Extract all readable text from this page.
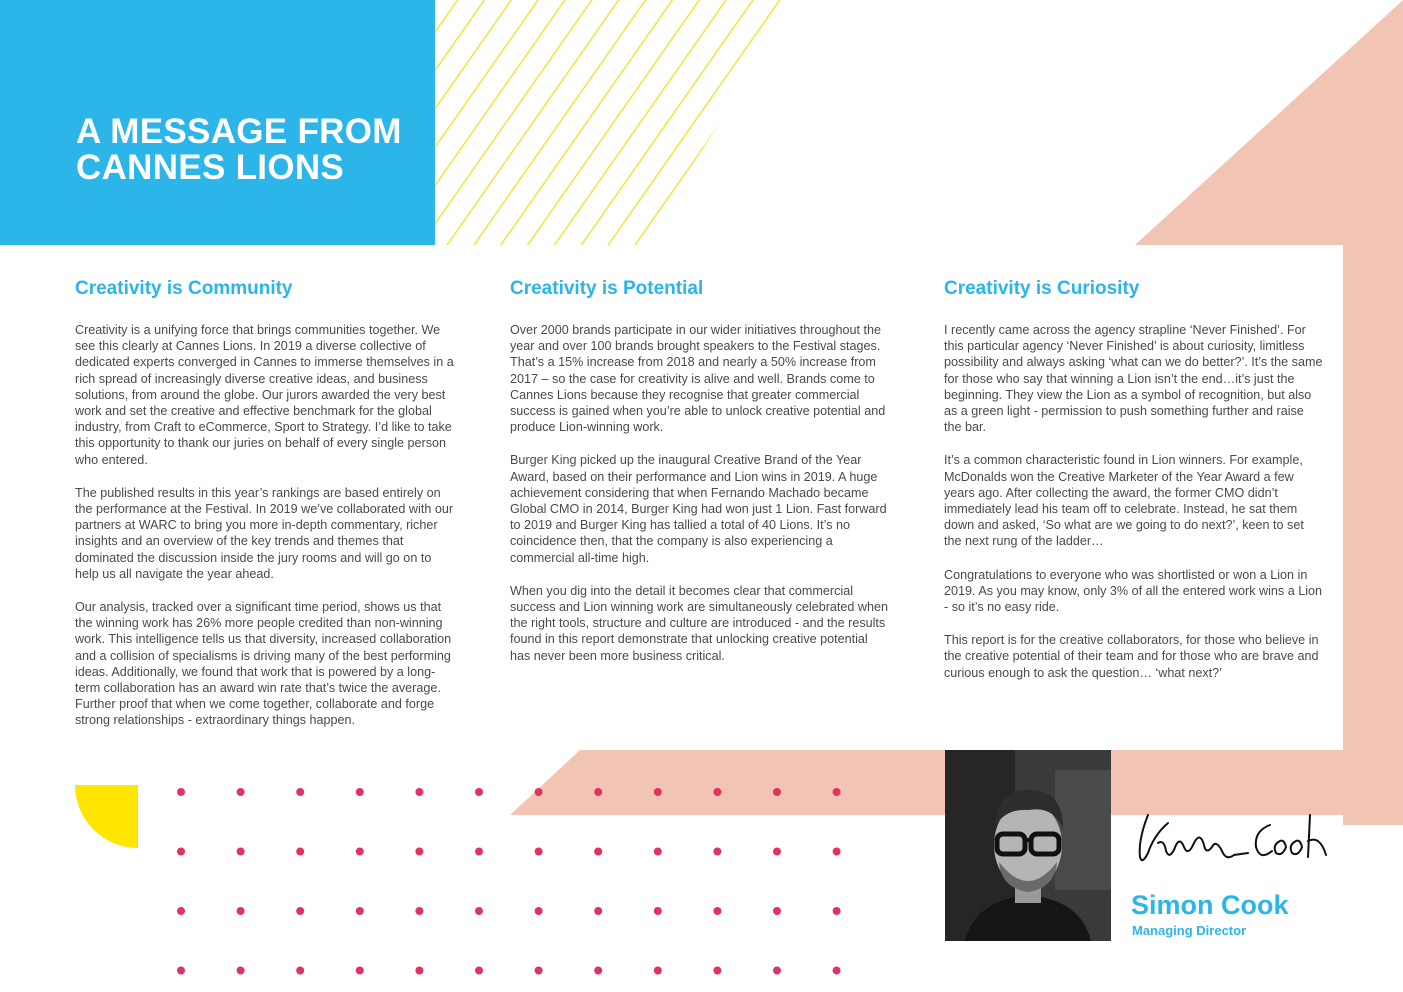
A MESSAGE FROM
CANNES LIONS
Creativity is Community

Creativity is a unifying force that brings communities together. We see this clearly at Cannes Lions. In 2019 a diverse collective of dedicated experts converged in Cannes to immerse themselves in a rich spread of increasingly diverse creative ideas, and business solutions, from around the globe. Our jurors awarded the very best work and set the creative and effective benchmark for the global industry, from Craft to eCommerce, Sport to Strategy. I’d like to take this opportunity to thank our juries on behalf of every single person who entered.

The published results in this year’s rankings are based entirely on the performance at the Festival. In 2019 we’ve collaborated with our partners at WARC to bring you more in-depth commentary, richer insights and an overview of the key trends and themes that dominated the discussion inside the jury rooms and will go on to help us all navigate the year ahead.

Our analysis, tracked over a significant time period, shows us that the winning work has 26% more people credited than non-winning work. This intelligence tells us that diversity, increased collaboration and a collision of specialisms is driving many of the best performing ideas. Additionally, we found that work that is powered by a long-term collaboration has an award win rate that’s twice the average. Further proof that when we come together, collaborate and forge strong relationships - extraordinary things happen.

Creativity is Potential

Over 2000 brands participate in our wider initiatives throughout the year and over 100 brands brought speakers to the Festival stages. That’s a 15% increase from 2018 and nearly a 50% increase from 2017 – so the case for creativity is alive and well. Brands come to Cannes Lions because they recognise that greater commercial success is gained when you’re able to unlock creative potential and produce Lion-winning work.

Burger King picked up the inaugural Creative Brand of the Year Award, based on their performance and Lion wins in 2019. A huge achievement considering that when Fernando Machado became Global CMO in 2014, Burger King had won just 1 Lion. Fast forward to 2019 and Burger King has tallied a total of 40 Lions. It’s no coincidence then, that the company is also experiencing a commercial all-time high.

When you dig into the detail it becomes clear that commercial success and Lion winning work are simultaneously celebrated when the right tools, structure and culture are introduced - and the results found in this report demonstrate that unlocking creative potential has never been more business critical.

Creativity is Curiosity

I recently came across the agency strapline ‘Never Finished’. For this particular agency ‘Never Finished’ is about curiosity, limitless possibility and always asking ‘what can we do better?’. It’s the same for those who say that winning a Lion isn’t the end…it’s just the beginning. They view the Lion as a symbol of recognition, but also as a green light - permission to push something further and raise the bar.

It’s a common characteristic found in Lion winners. For example, McDonalds won the Creative Marketer of the Year Award a few years ago. After collecting the award, the former CMO didn’t immediately lead his team off to celebrate. Instead, he sat them down and asked, ‘So what are we going to do next?’, keen to set the next rung of the ladder…

Congratulations to everyone who was shortlisted or won a Lion in 2019. As you may know, only 3% of all the entered work wins a Lion - so it’s no easy ride.

This report is for the creative collaborators, for those who believe in the creative potential of their team and for those who are brave and curious enough to ask the question… ‘what next?’

Simon Cook

Managing Director
